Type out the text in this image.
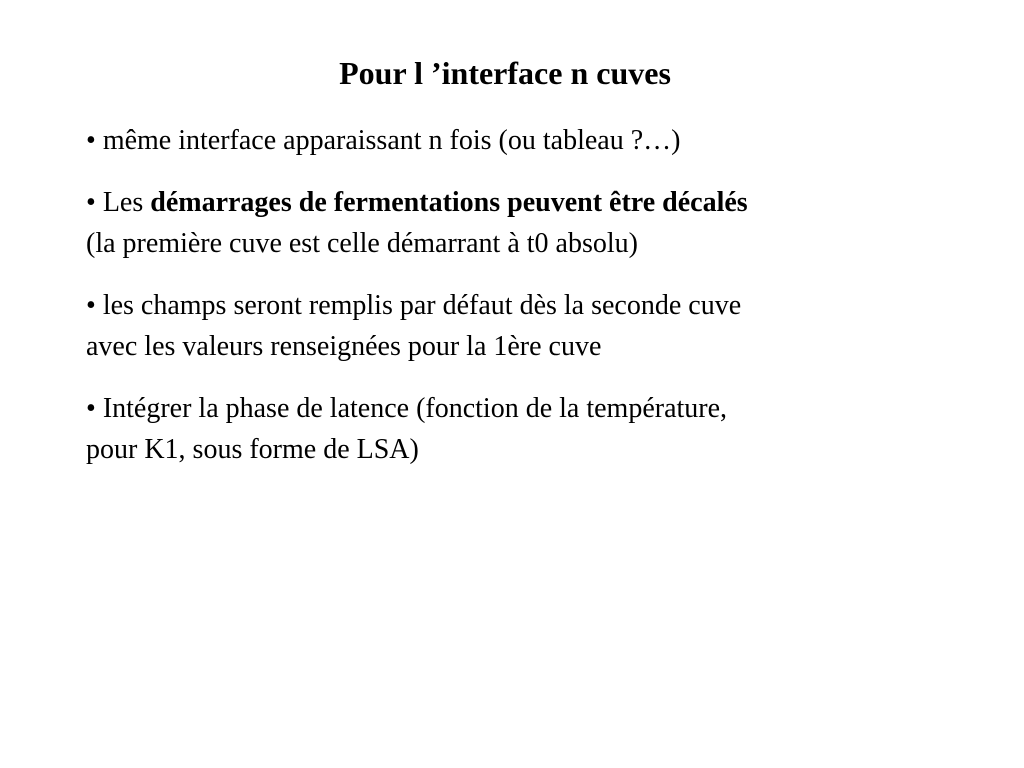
Pour l ’interface n cuves
• même interface apparaissant n fois (ou tableau ?…)
• Les démarrages de fermentations peuvent être décalés
(la première cuve est celle démarrant à t0 absolu)
• les champs seront remplis par défaut dès la seconde cuve
avec les valeurs renseignées pour la 1ère cuve
• Intégrer la phase de latence (fonction de la température,
pour K1, sous forme de LSA)
